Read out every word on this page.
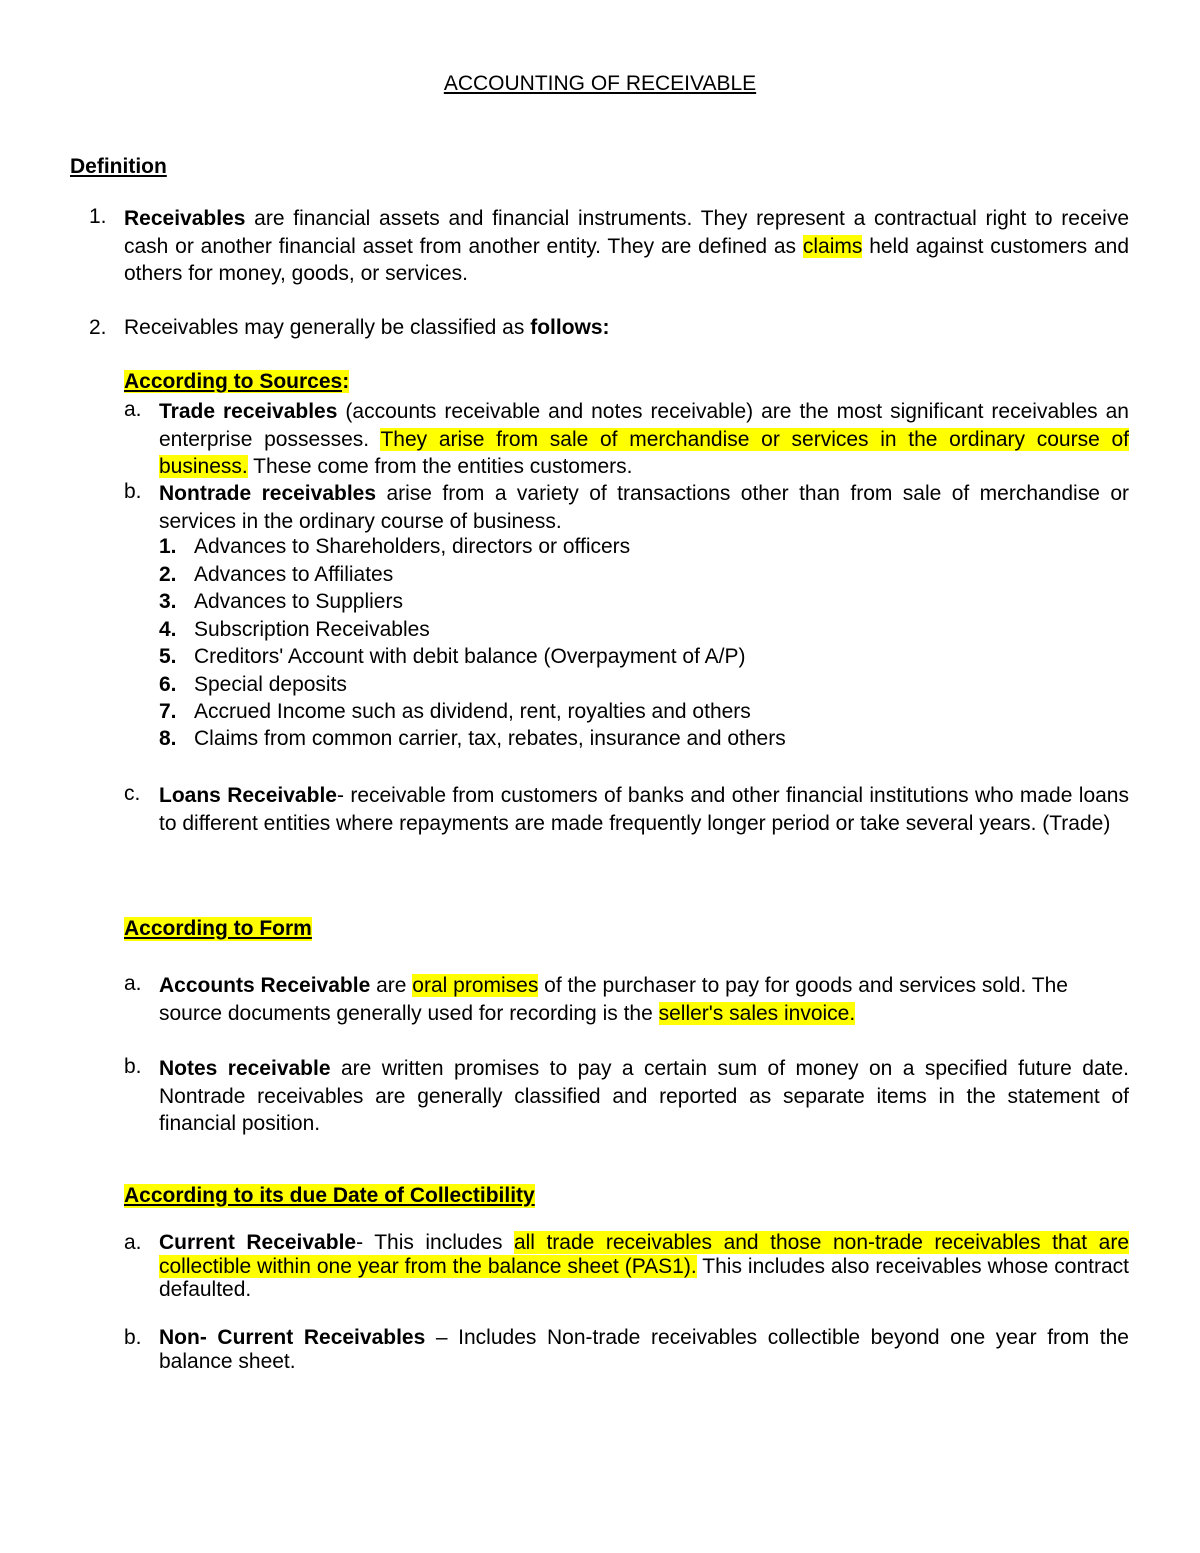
ACCOUNTING OF RECEIVABLE
Definition
1. Receivables are financial assets and financial instruments. They represent a contractual right to receive cash or another financial asset from another entity. They are defined as claims held against customers and others for money, goods, or services.

2. Receivables may generally be classified as follows:

According to Sources:
a. Trade receivables (accounts receivable and notes receivable) are the most significant receivables an enterprise possesses. They arise from sale of merchandise or services in the ordinary course of business. These come from the entities customers.

b. Nontrade receivables arise from a variety of transactions other than from sale of merchandise or services in the ordinary course of business.

1. Advances to Shareholders, directors or officers
2. Advances to Affiliates
3. Advances to Suppliers
4. Subscription Receivables
5. Creditors' Account with debit balance (Overpayment of A/P)
6. Special deposits
7. Accrued Income such as dividend, rent, royalties and others
8. Claims from common carrier, tax, rebates, insurance and others
c. Loans Receivable- receivable from customers of banks and other financial institutions who made loans to different entities where repayments are made frequently longer period or take several years. (Trade)

According to Form
a. Accounts Receivable are oral promises of the purchaser to pay for goods and services sold. The source documents generally used for recording is the seller's sales invoice.

b. Notes receivable are written promises to pay a certain sum of money on a specified future date. Nontrade receivables are generally classified and reported as separate items in the statement of financial position.

According to its due Date of Collectibility
a. Current Receivable- This includes all trade receivables and those non-trade receivables that are collectible within one year from the balance sheet (PAS1). This includes also receivables whose contract defaulted.

b. Non- Current Receivables – Includes Non-trade receivables collectible beyond one year from the balance sheet.
